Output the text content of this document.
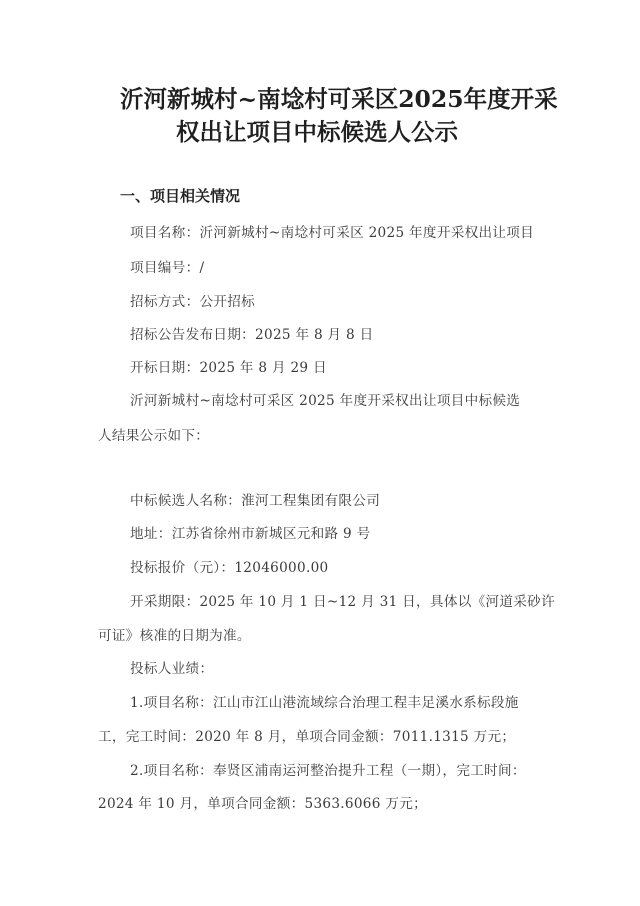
沂河新城村~南埝村可采区2025年度开采
权出让项目中标候选人公示
一、项目相关情况
项目名称：沂河新城村~南埝村可采区 2025 年度开采权出让项目
项目编号：/
招标方式：公开招标
招标公告发布日期：2025 年 8 月 8 日
开标日期：2025 年 8 月 29 日
沂河新城村~南埝村可采区 2025 年度开采权出让项目中标候选
人结果公示如下：
中标候选人名称：淮河工程集团有限公司
地址：江苏省徐州市新城区元和路 9 号
投标报价（元）：12046000.00
开采期限：2025 年 10 月 1 日~12 月 31 日，具体以《河道采砂许
可证》核准的日期为准。
投标人业绩：
1.项目名称：江山市江山港流域综合治理工程丰足溪水系标段施
工，完工时间：2020 年 8 月，单项合同金额：7011.1315 万元；
2.项目名称：奉贤区浦南运河整治提升工程（一期），完工时间：
2024 年 10 月，单项合同金额：5363.6066 万元；
